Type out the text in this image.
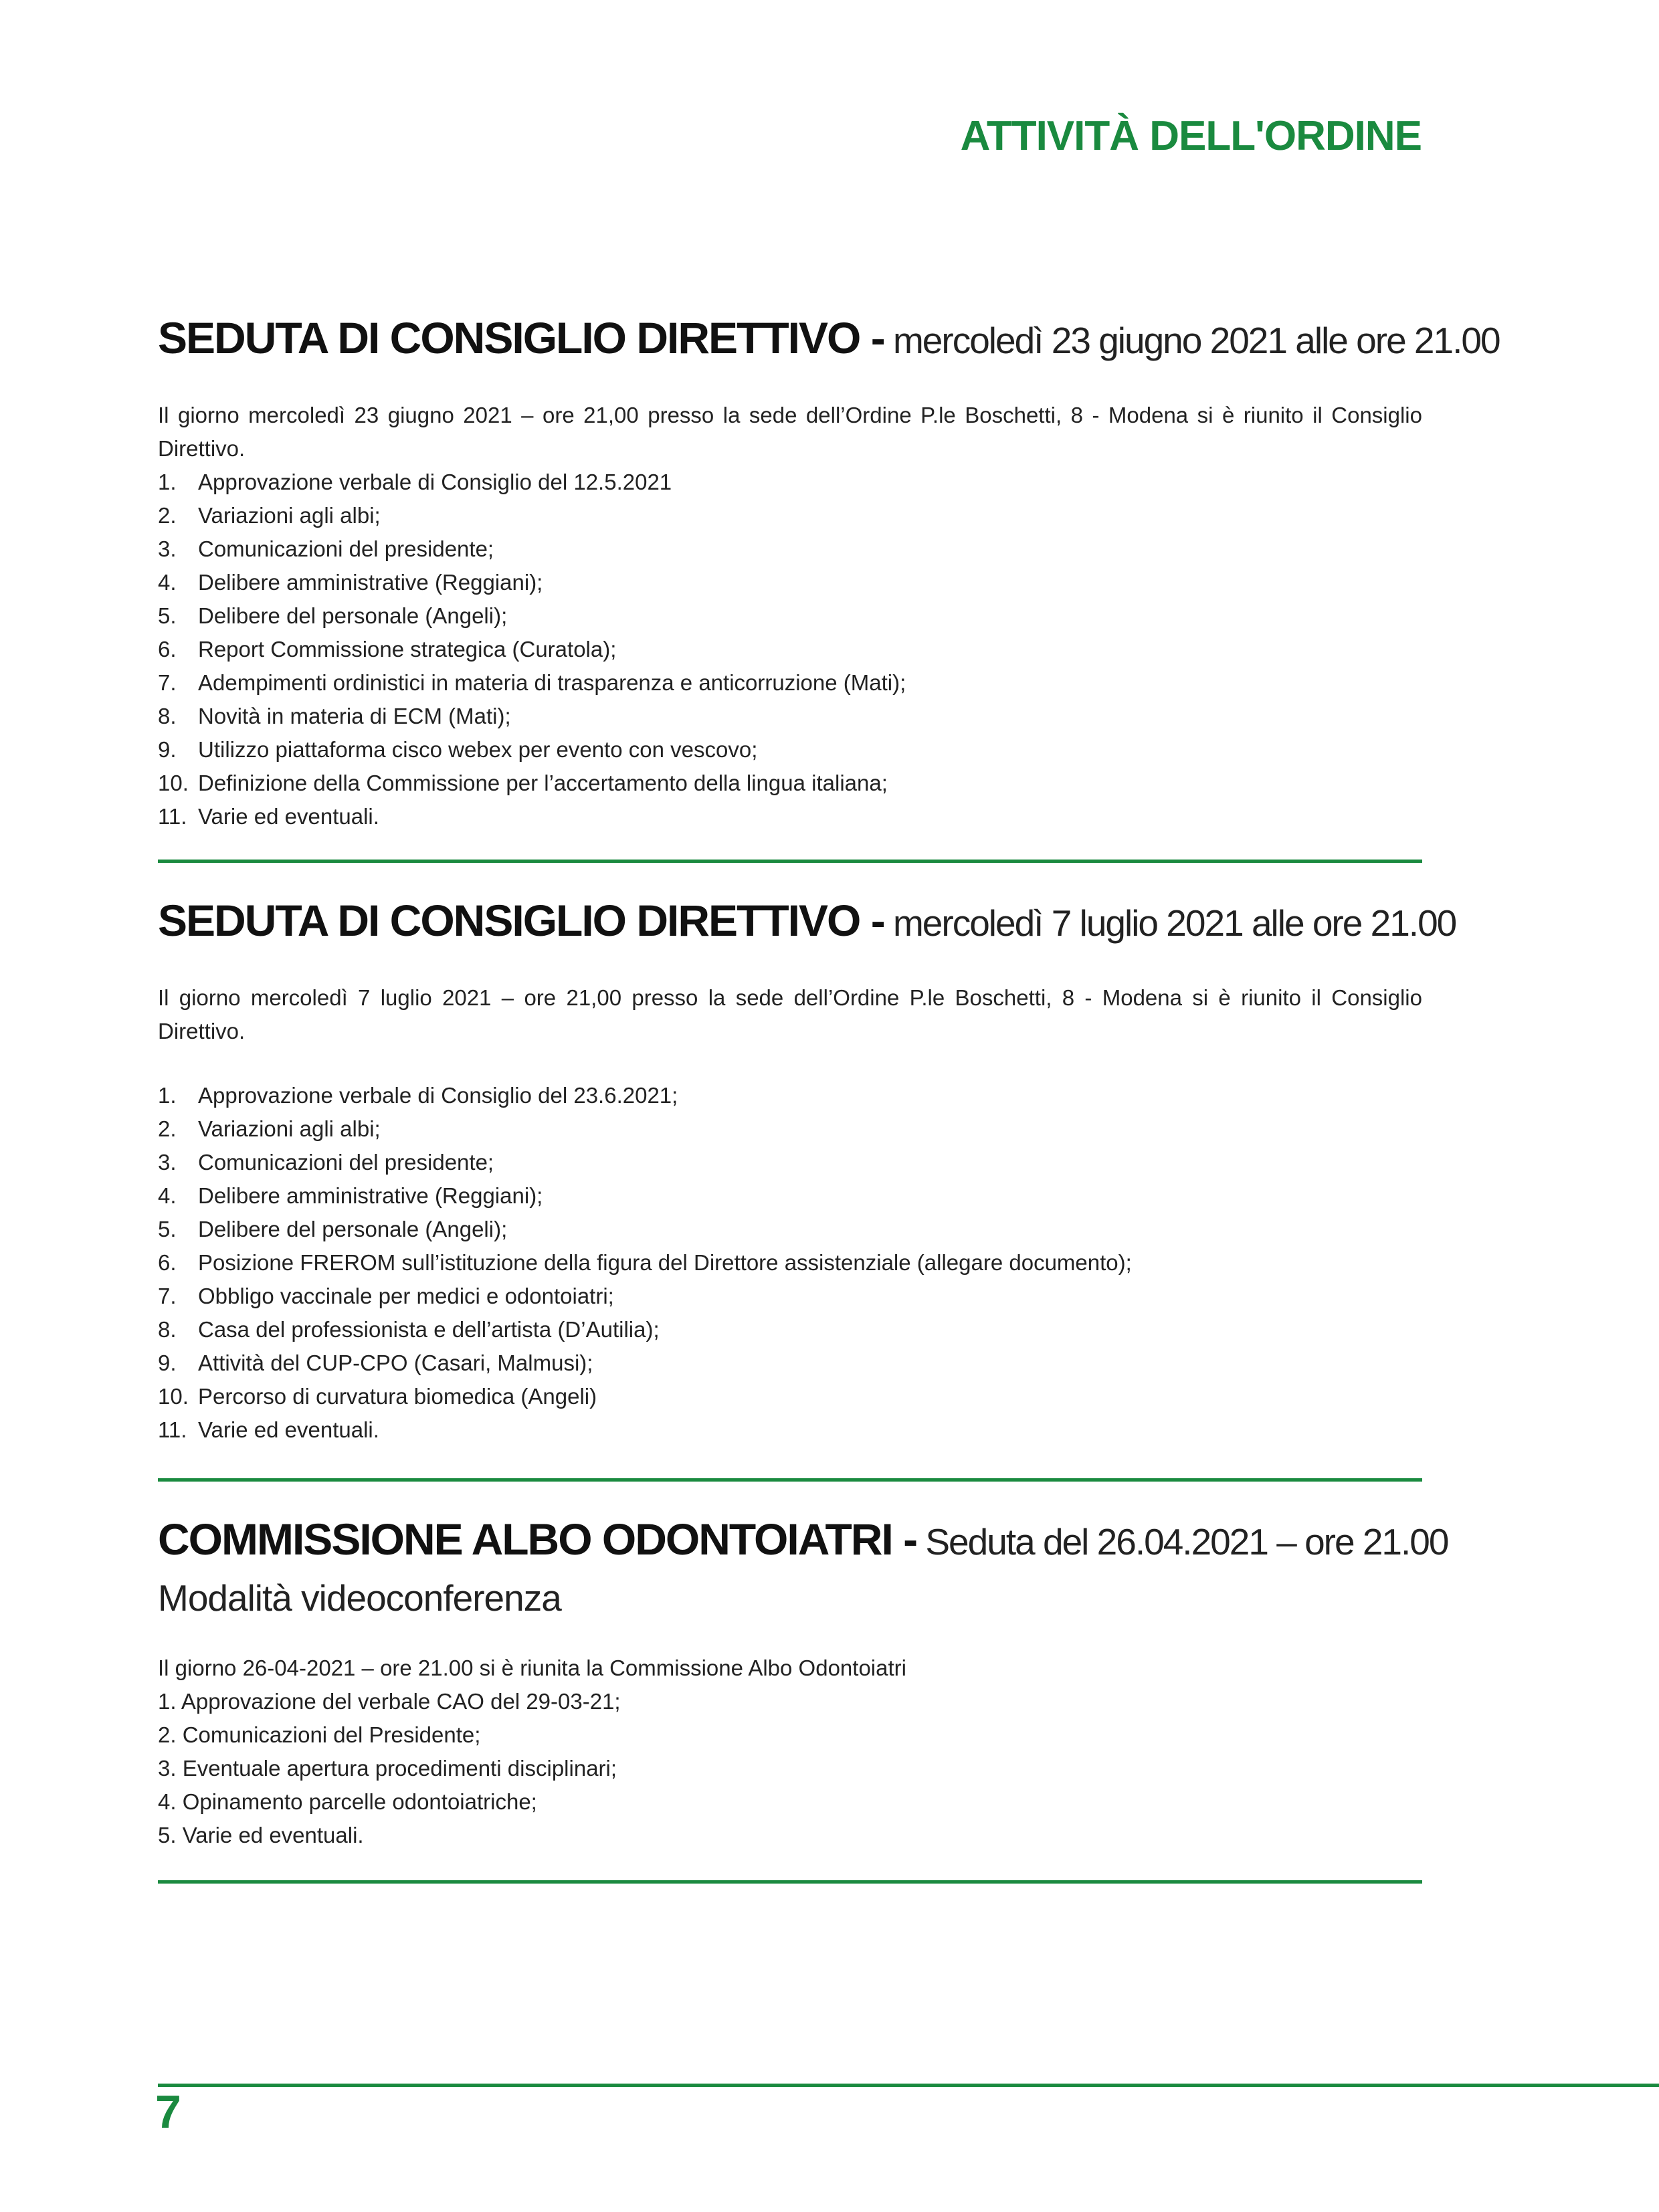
ATTIVITÀ DELL'ORDINE
SEDUTA DI CONSIGLIO DIRETTIVO - mercoledì 23 giugno 2021 alle ore 21.00

Il giorno mercoledì 23 giugno 2021 – ore 21,00 presso la sede dell’Ordine P.le Boschetti, 8 - Modena si è riunito il Consiglio Direttivo.

1. Approvazione verbale di Consiglio del 12.5.2021
2. Variazioni agli albi;
3. Comunicazioni del presidente;
4. Delibere amministrative (Reggiani);
5. Delibere del personale (Angeli);
6. Report Commissione strategica (Curatola);
7. Adempimenti ordinistici in materia di trasparenza e anticorruzione (Mati);
8. Novità in materia di ECM (Mati);
9. Utilizzo piattaforma cisco webex per evento con vescovo;
10. Definizione della Commissione per l’accertamento della lingua italiana;
11. Varie ed eventuali.
SEDUTA DI CONSIGLIO DIRETTIVO - mercoledì 7 luglio 2021 alle ore 21.00

Il giorno mercoledì 7 luglio 2021 – ore 21,00 presso la sede dell’Ordine P.le Boschetti, 8 - Modena si è riunito il Consiglio Direttivo.

1. Approvazione verbale di Consiglio del 23.6.2021;
2. Variazioni agli albi;
3. Comunicazioni del presidente;
4. Delibere amministrative (Reggiani);
5. Delibere del personale (Angeli);
6. Posizione FREROM sull’istituzione della figura del Direttore assistenziale (allegare documento);
7. Obbligo vaccinale per medici e odontoiatri;
8. Casa del professionista e dell’artista (D’Autilia);
9. Attività del CUP-CPO (Casari, Malmusi);
10. Percorso di curvatura biomedica (Angeli)
11. Varie ed eventuali.
COMMISSIONE ALBO ODONTOIATRI - Seduta del 26.04.2021 – ore 21.00
Modalità videoconferenza
Il giorno 26-04-2021 – ore 21.00 si è riunita la Commissione Albo Odontoiatri
1. Approvazione del verbale CAO del 29-03-21;
2. Comunicazioni del Presidente;
3. Eventuale apertura procedimenti disciplinari;
4. Opinamento parcelle odontoiatriche;
5. Varie ed eventuali.
7
